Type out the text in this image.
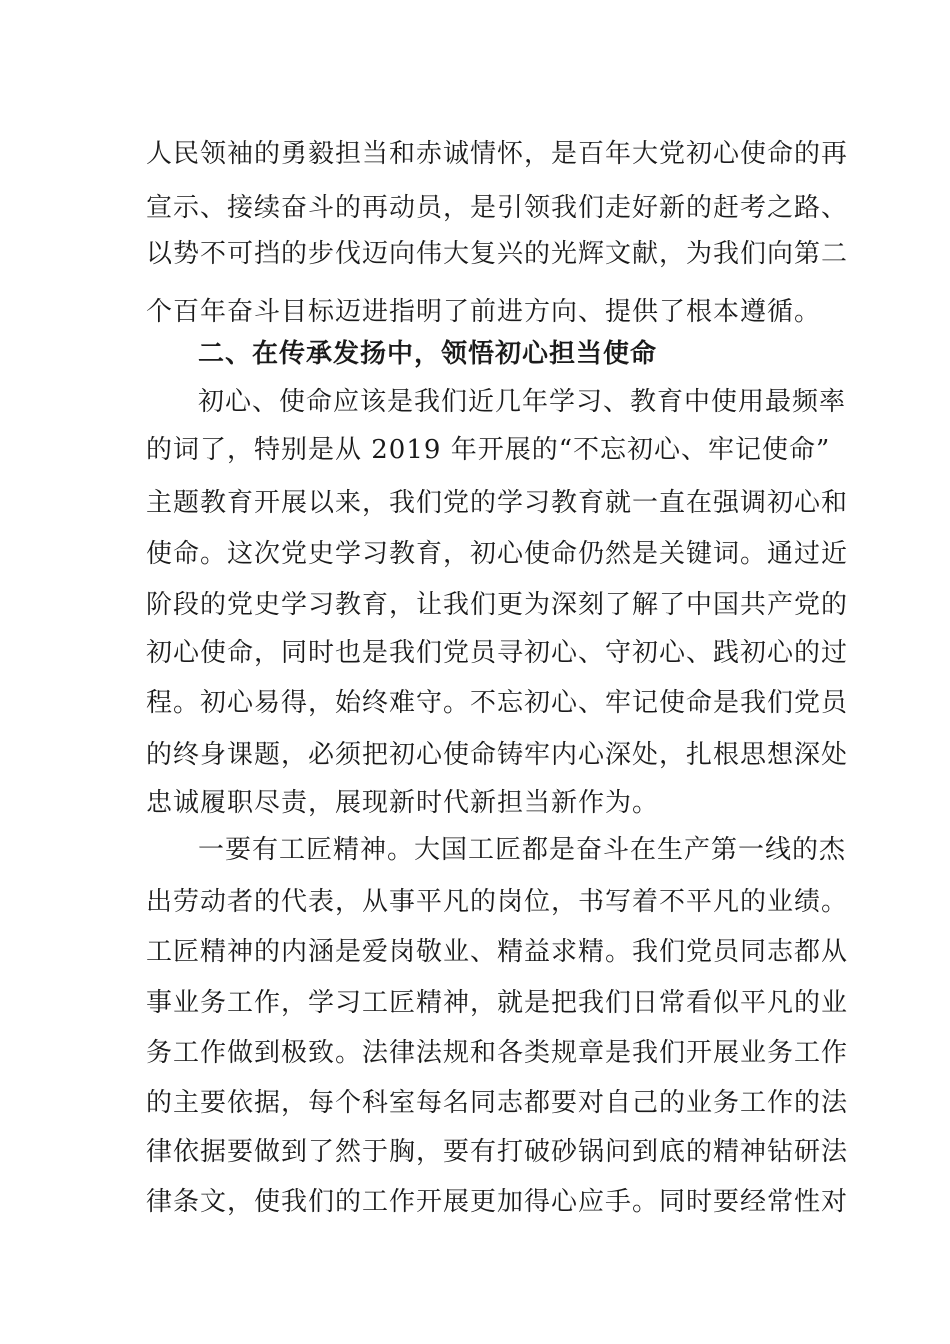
人民领袖的勇毅担当和赤诚情怀，是百年大党初心使命的再
宣示、接续奋斗的再动员，是引领我们走好新的赶考之路、
以势不可挡的步伐迈向伟大复兴的光辉文献，为我们向第二
个百年奋斗目标迈进指明了前进方向、提供了根本遵循。
二、在传承发扬中，领悟初心担当使命
初心、使命应该是我们近几年学习、教育中使用最频率
的词了，特别是从 2019 年开展的“不忘初心、牢记使命”
主题教育开展以来，我们党的学习教育就一直在强调初心和
使命。这次党史学习教育，初心使命仍然是关键词。通过近
阶段的党史学习教育，让我们更为深刻了解了中国共产党的
初心使命，同时也是我们党员寻初心、守初心、践初心的过
程。初心易得，始终难守。不忘初心、牢记使命是我们党员
的终身课题，必须把初心使命铸牢内心深处，扎根思想深处
忠诚履职尽责，展现新时代新担当新作为。
一要有工匠精神。大国工匠都是奋斗在生产第一线的杰
出劳动者的代表，从事平凡的岗位，书写着不平凡的业绩。
工匠精神的内涵是爱岗敬业、精益求精。我们党员同志都从
事业务工作，学习工匠精神，就是把我们日常看似平凡的业
务工作做到极致。法律法规和各类规章是我们开展业务工作
的主要依据，每个科室每名同志都要对自己的业务工作的法
律依据要做到了然于胸，要有打破砂锅问到底的精神钻研法
律条文，使我们的工作开展更加得心应手。同时要经常性对
